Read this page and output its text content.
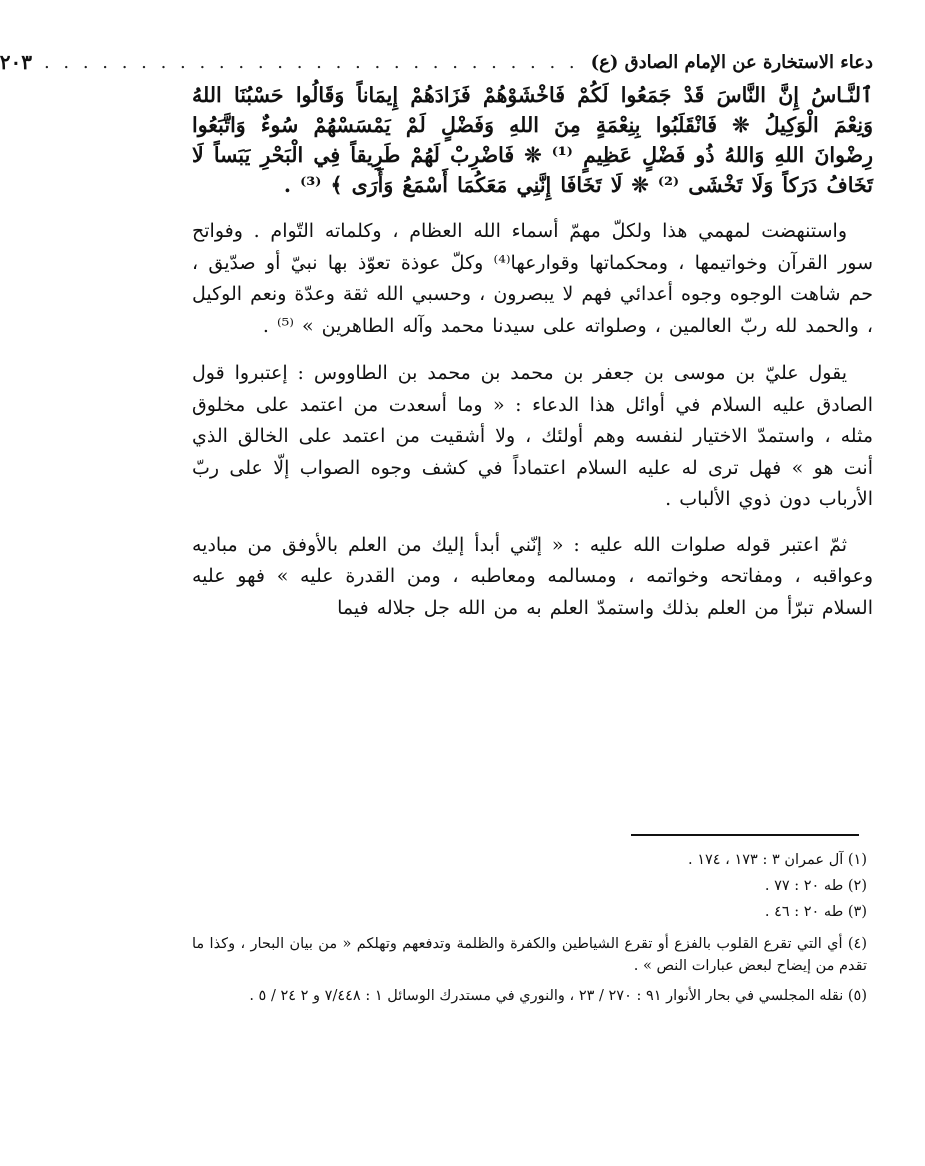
دعاء الاستخارة عن الإمام الصادق (ع)
. . . . . . . . . . . . . . . . . . . . . . . . . . . .
٢٠٣

ٱلنَّـاسُ إِنَّ النَّاسَ قَدْ جَمَعُوا لَكُمْ فَاخْشَوْهُمْ فَزَادَهُمْ إِيمَاناً وَقَالُوا حَسْبُنَا اللهُ وَنِعْمَ الْوَكِيلُ ❊ فَانْقَلَبُوا بِنِعْمَةٍ مِنَ اللهِ وَفَضْلٍ لَمْ يَمْسَسْهُمْ سُوءٌ وَاتَّبَعُوا رِضْوانَ اللهِ وَاللهُ ذُو فَضْلٍ عَظِيمٍ ⁽¹⁾ ❊ فَاضْرِبْ لَهُمْ طَرِيقاً فِي الْبَحْرِ يَبَساً لَا تَخَافُ دَرَكاً وَلَا تَخْشَى ⁽²⁾ ❊ لَا تَخَافَا إِنَّنِي مَعَكُمَا أَسْمَعُ وَأَرَى ﴾ ⁽³⁾ .

واستنهضت لمهمي هذا ولكلّ مهمّ أسماء الله العظام ، وكلماته التّوام . وفواتح سور القرآن وخواتيمها ، ومحكماتها وقوارعها⁽⁴⁾ وكلّ عوذة تعوّذ بها نبيّ أو صدّيق ، حم شاهت الوجوه وجوه أعدائي فهم لا يبصرون ، وحسبي الله ثقة وعدّة ونعم الوكيل ، والحمد لله ربّ العالمين ، وصلواته على سيدنا محمد وآله الطاهرين » ⁽⁵⁾ .

يقول عليّ بن موسى بن جعفر بن محمد بن محمد بن الطاووس : إعتبروا قول الصادق عليه السلام في أوائل هذا الدعاء : « وما أسعدت من اعتمد على مخلوق مثله ، واستمدّ الاختيار لنفسه وهم أولئك ، ولا أشقيت من اعتمد على الخالق الذي أنت هو » فهل ترى له عليه السلام اعتماداً في كشف وجوه الصواب إلّا على ربّ الأرباب دون ذوي الألباب .

ثمّ اعتبر قوله صلوات الله عليه : « إنّني أبدأ إليك من العلم بالأوفق من مباديه وعواقبه ، ومفاتحه وخواتمه ، ومسالمه ومعاطبه ، ومن القدرة عليه » فهو عليه السلام تبرّأ من العلم بذلك واستمدّ العلم به من الله جل جلاله فيما

(١) آل عمران ٣ : ١٧٣ ، ١٧٤ .

(٢) طه ٢٠ : ٧٧ .

(٣) طه ٢٠ : ٤٦ .

(٤) أي التي تقرع القلوب بالفزع أو تقرع الشياطين والكفرة والظلمة وتدفعهم وتهلكم « من بيان البحار ، وكذا ما تقدم من إيضاح لبعض عبارات النص » .

(٥) نقله المجلسي في بحار الأنوار ٩١ : ٢٧٠ / ٢٣ ، والنوري في مستدرك الوسائل ١ : ٧/٤٤٨ و ٢ ٢٤ / ٥ .
